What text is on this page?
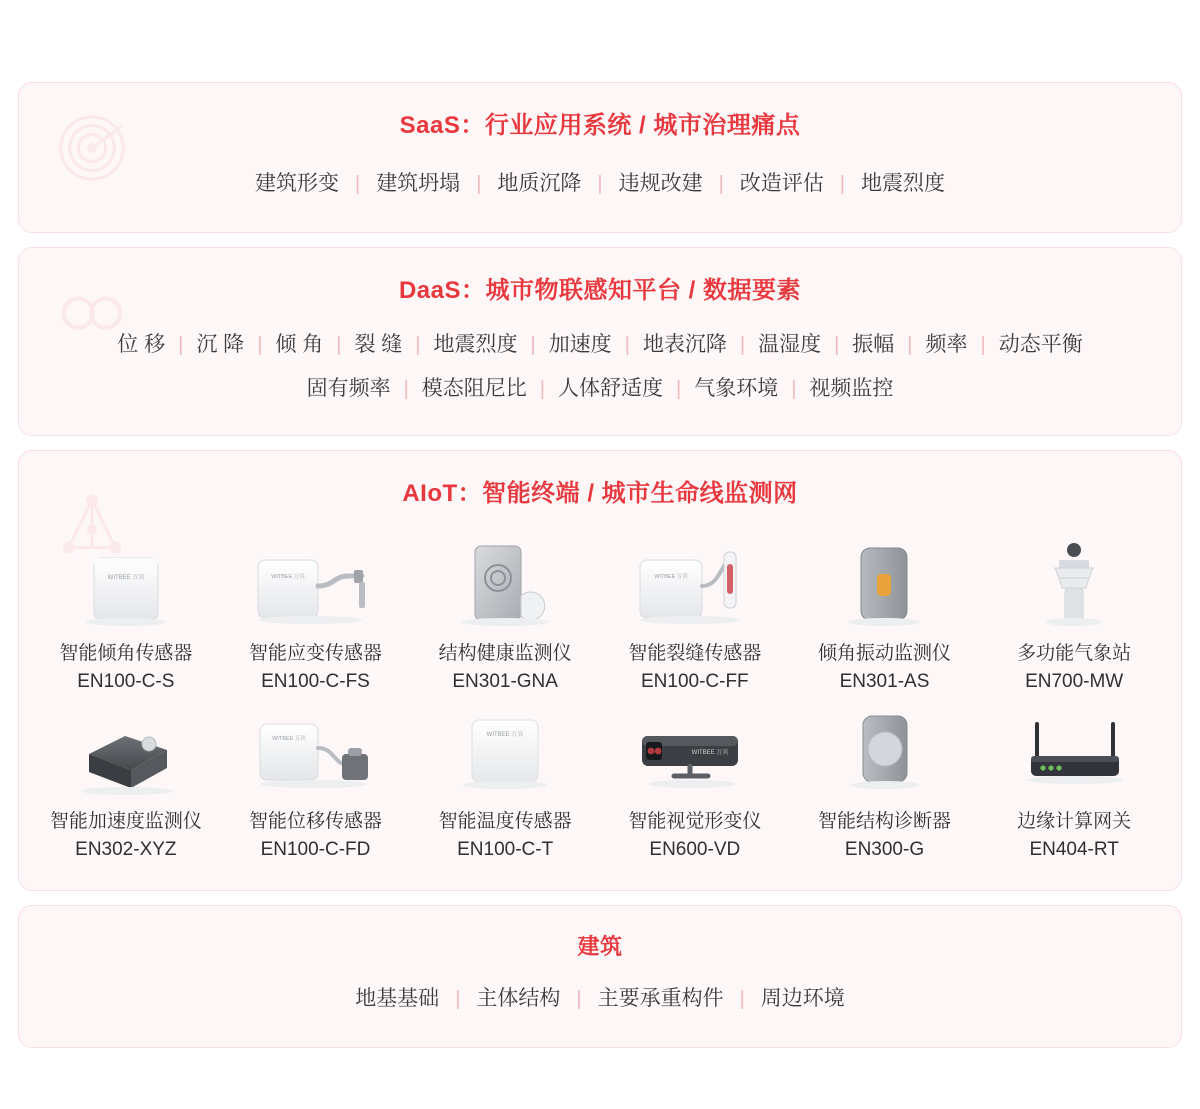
SaaS：行业应用系统 / 城市治理痛点
建筑形变 | 建筑坍塌 | 地质沉降 | 违规改建 | 改造评估 | 地震烈度
DaaS：城市物联感知平台 / 数据要素
位 移 | 沉 降 | 倾 角 | 裂 缝 | 地震烈度 | 加速度 | 地表沉降 | 温湿度 | 振幅 | 频率 | 动态平衡
固有频率 | 模态阻尼比 | 人体舒适度 | 气象环境 | 视频监控
AIoT：智能终端 / 城市生命线监测网
WITBEE 万宾
智能倾角传感器
EN100-C-S
WITBEE 万宾
智能应变传感器
EN100-C-FS
结构健康监测仪
EN301-GNA
WITBEE 万宾
智能裂缝传感器
EN100-C-FF
倾角振动监测仪
EN301-AS
多功能气象站
EN700-MW
智能加速度监测仪
EN302-XYZ
WITBEE 万宾
智能位移传感器
EN100-C-FD
WITBEE 万宾
智能温度传感器
EN100-C-T
WITBEE 万宾
智能视觉形变仪
EN600-VD
智能结构诊断器
EN300-G
边缘计算网关
EN404-RT
建筑
地基基础 | 主体结构 | 主要承重构件 | 周边环境
